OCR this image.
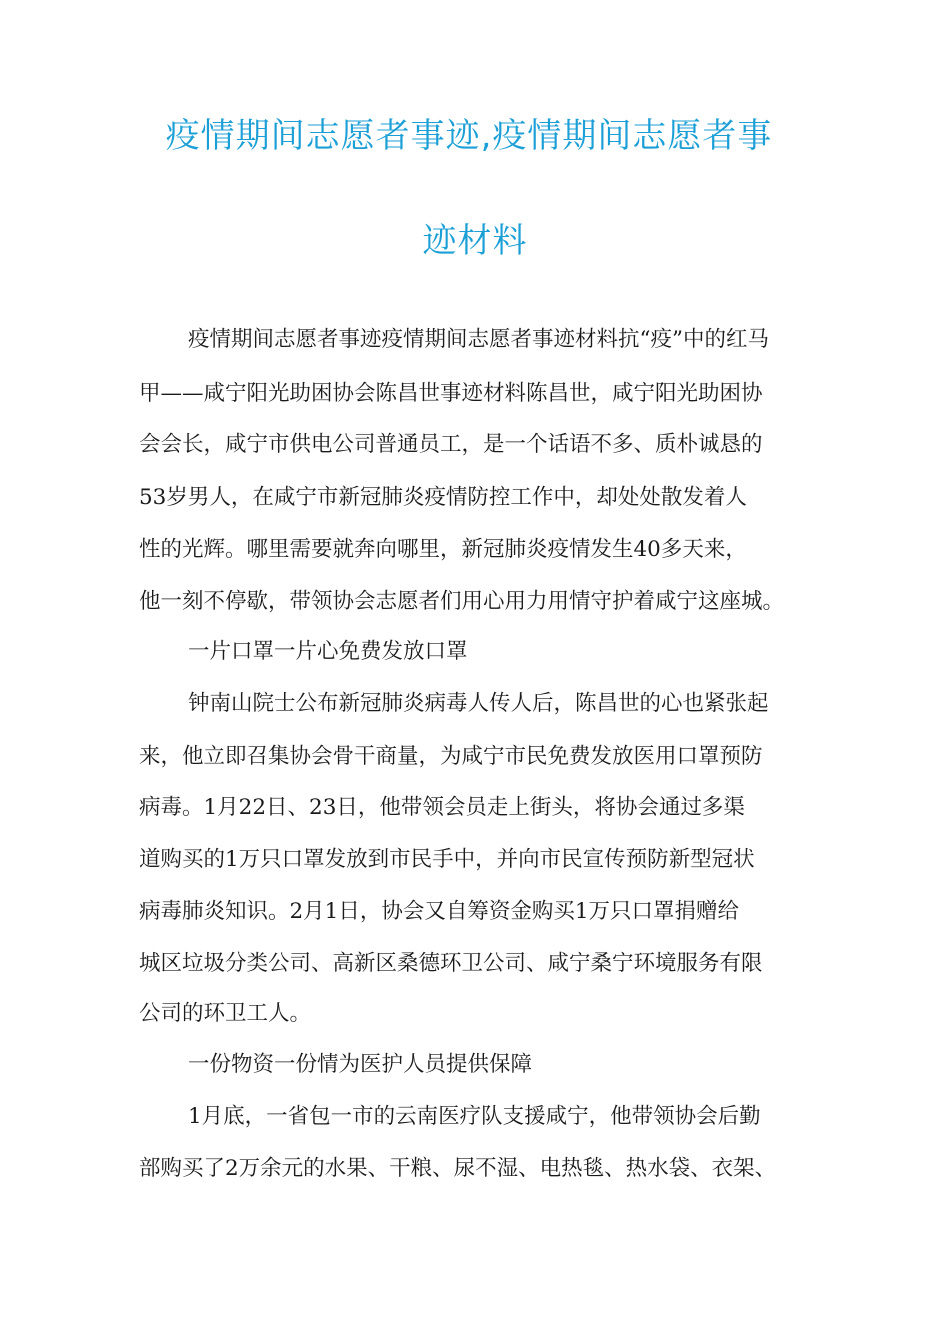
疫情期间志愿者事迹,疫情期间志愿者事
迹材料
疫情期间志愿者事迹疫情期间志愿者事迹材料抗“疫”中的红马
甲——咸宁阳光助困协会陈昌世事迹材料陈昌世，咸宁阳光助困协
会会长，咸宁市供电公司普通员工，是一个话语不多、质朴诚恳的
53岁男人，在咸宁市新冠肺炎疫情防控工作中，却处处散发着人
性的光辉。哪里需要就奔向哪里，新冠肺炎疫情发生40多天来，
他一刻不停歇，带领协会志愿者们用心用力用情守护着咸宁这座城。
一片口罩一片心免费发放口罩
钟南山院士公布新冠肺炎病毒人传人后，陈昌世的心也紧张起
来，他立即召集协会骨干商量，为咸宁市民免费发放医用口罩预防
病毒。1月22日、23日，他带领会员走上街头，将协会通过多渠
道购买的1万只口罩发放到市民手中，并向市民宣传预防新型冠状
病毒肺炎知识。2月1日，协会又自筹资金购买1万只口罩捐赠给
城区垃圾分类公司、高新区桑德环卫公司、咸宁桑宁环境服务有限
公司的环卫工人。
一份物资一份情为医护人员提供保障
1月底，一省包一市的云南医疗队支援咸宁，他带领协会后勤
部购买了2万余元的水果、干粮、尿不湿、电热毯、热水袋、衣架、
